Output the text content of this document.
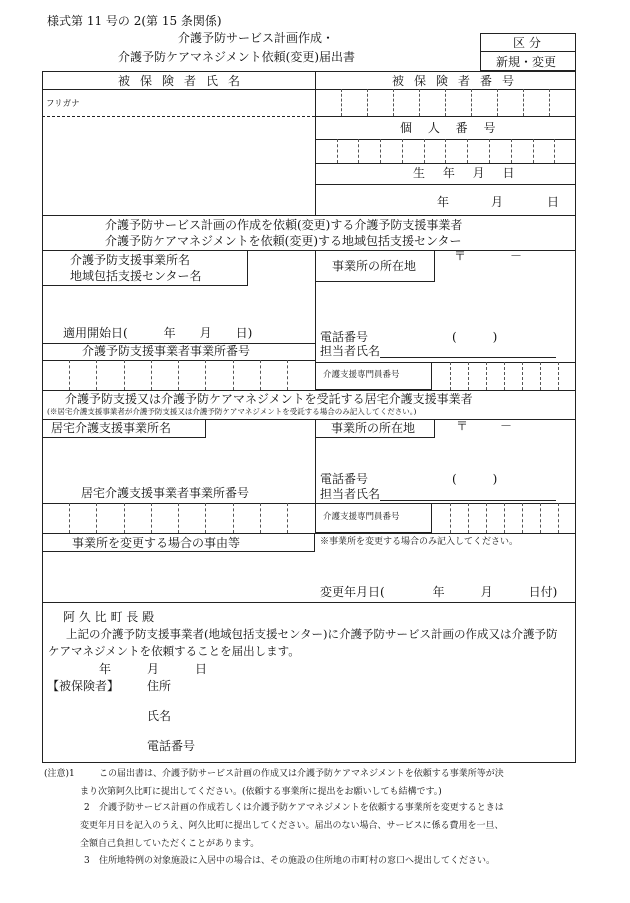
様式第 11 号の 2(第 15 条関係)
介護予防サービス計画作成・
介護予防ケアマネジメント依頼(変更)届出書
区 分
新規・変更
被保険者氏名	被保険者番号
フリガナ
個 人 番 号
生 年 月 日
年	月	日
介護予防サービス計画の作成を依頼(変更)する介護予防支援事業者
介護予防ケアマネジメントを依頼(変更)する地域包括支援センター
介護予防支援事業所名
地域包括支援センター名
事業所の所在地
〒	－
適用開始日(　　　年　　月　　日)
介護予防支援事業者事業所番号
電話番号	(　　　)
担当者氏名
介護支援専門員番号
介護予防支援又は介護予防ケアマネジメントを受託する居宅介護支援事業者
(※居宅介護支援事業者が介護予防支援又は介護予防ケアマネジメントを受託する場合のみ記入してください。)
居宅介護支援事業所名	事業所の所在地	〒	－
電話番号	(　　　)
担当者氏名
居宅介護支援事業者事業所番号
介護支援専門員番号
事業所を変更する場合の事由等	※事業所を変更する場合のみ記入してください。
変更年月日(　　　　年　　　月　　　日付)
阿 久 比 町 長 殿
上記の介護予防支援事業者(地域包括支援センター)に介護予防サービス計画の作成又は介護予防
ケアマネジメントを依頼することを届出します。
年　　　月　　　日
【被保険者】 住所
氏名
電話番号
(注意)1	この届出書は、介護予防サービス計画の作成又は介護予防ケアマネジメントを依頼する事業所等が決
まり次第阿久比町に提出してください。(依頼する事業所に提出をお願いしても結構です。)
2 介護予防サービス計画の作成若しくは介護予防ケアマネジメントを依頼する事業所を変更するときは
変更年月日を記入のうえ、阿久比町に提出してください。届出のない場合、サービスに係る費用を一旦、
全額自己負担していただくことがあります。
3 住所地特例の対象施設に入居中の場合は、その施設の住所地の市町村の窓口へ提出してください。
